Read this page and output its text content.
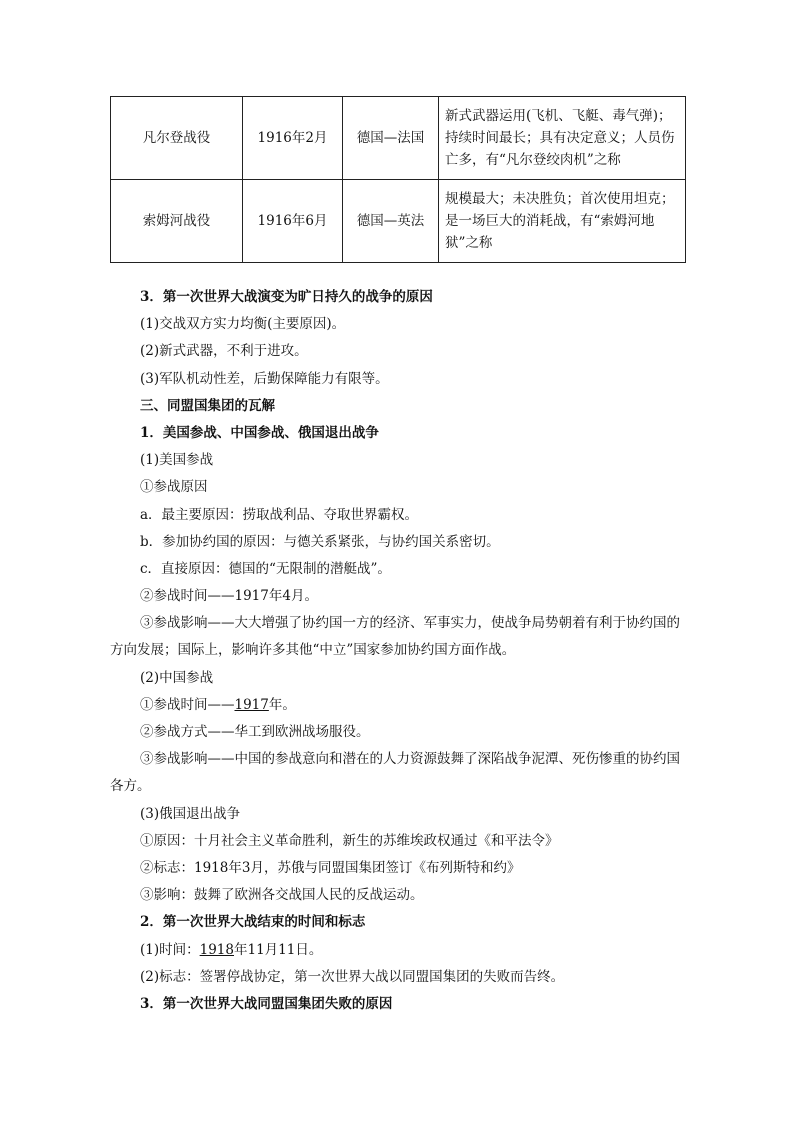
凡尔登战役	1916年2月	德国—法国	新式武器运用(飞机、飞艇、毒气弹)；持续时间最长；具有决定意义；人员伤亡多，有“凡尔登绞肉机”之称
索姆河战役	1916年6月	德国—英法	规模最大；未决胜负；首次使用坦克；是一场巨大的消耗战，有“索姆河地狱”之称
3．第一次世界大战演变为旷日持久的战争的原因
(1)交战双方实力均衡(主要原因)。
(2)新式武器，不利于进攻。
(3)军队机动性差，后勤保障能力有限等。
三、同盟国集团的瓦解
1．美国参战、中国参战、俄国退出战争
(1)美国参战
①参战原因
a．最主要原因：捞取战利品、夺取世界霸权。
b．参加协约国的原因：与德关系紧张，与协约国关系密切。
c．直接原因：德国的“无限制的潜艇战”。
②参战时间——1917年4月。
③参战影响——大大增强了协约国一方的经济、军事实力，使战争局势朝着有利于协约国的方向发展；国际上，影响许多其他“中立”国家参加协约国方面作战。
(2)中国参战
①参战时间——1917年。
②参战方式——华工到欧洲战场服役。
③参战影响——中国的参战意向和潜在的人力资源鼓舞了深陷战争泥潭、死伤惨重的协约国各方。
(3)俄国退出战争
①原因：十月社会主义革命胜利，新生的苏维埃政权通过《和平法令》
②标志：1918年3月，苏俄与同盟国集团签订《布列斯特和约》
③影响：鼓舞了欧洲各交战国人民的反战运动。
2．第一次世界大战结束的时间和标志
(1)时间：1918年11月11日。
(2)标志：签署停战协定，第一次世界大战以同盟国集团的失败而告终。
3．第一次世界大战同盟国集团失败的原因
